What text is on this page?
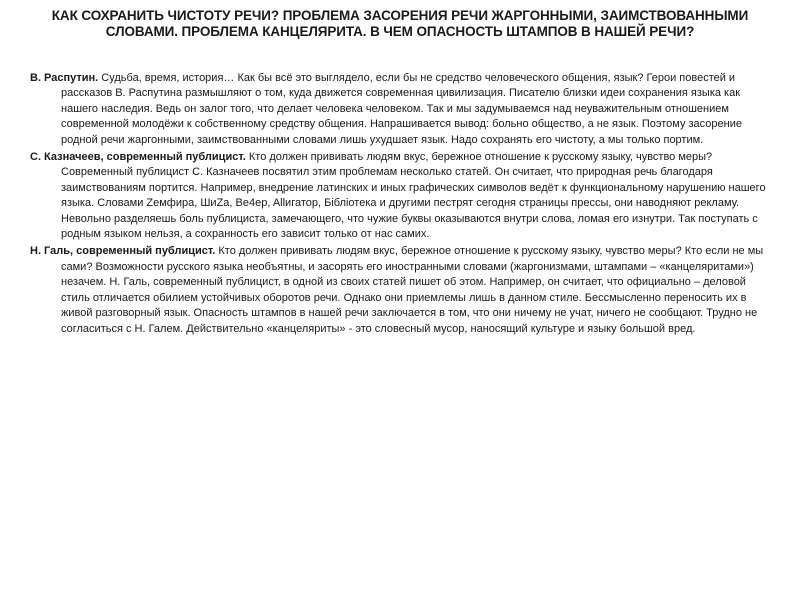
КАК СОХРАНИТЬ ЧИСТОТУ РЕЧИ? ПРОБЛЕМА ЗАСОРЕНИЯ РЕЧИ ЖАРГОННЫМИ, ЗАИМСТВОВАННЫМИ СЛОВАМИ. ПРОБЛЕМА КАНЦЕЛЯРИТА. В ЧЕМ ОПАСНОСТЬ ШТАМПОВ В НАШЕЙ РЕЧИ?

В. Распутин. Судьба, время, история… Как бы всё это выглядело, если бы не средство человеческого общения, язык? Герои повестей и рассказов В. Распутина размышляют о том, куда движется современная цивилизация. Писателю близки идеи сохранения языка как нашего наследия. Ведь он залог того, что делает человека человеком. Так и мы задумываемся над неуважительным отношением современной молодёжи к собственному средству общения. Напрашивается вывод: больно общество, а не язык. Поэтому засорение родной речи жаргонными, заимствованными словами лишь ухудшает язык. Надо сохранять его чистоту, а мы только портим.

С. Казначеев, современный публицист. Кто должен прививать людям вкус, бережное отношение к русскому языку, чувство меры? Современный публицист С. Казначеев посвятил этим проблемам несколько статей. Он считает, что природная речь благодаря заимствованиям портится. Например, внедрение латинских и иных графических символов ведёт к функциональному нарушению нашего языка. Словами Zемфира, ШиZа, Be4ep, Allигатор, Бiблiотека и другими пестрят сегодня страницы прессы, они наводняют рекламу. Невольно разделяешь боль публициста, замечающего, что чужие буквы оказываются внутри слова, ломая его изнутри. Так поступать с родным языком нельзя, а сохранность его зависит только от нас самих.

Н. Галь, современный публицист. Кто должен прививать людям вкус, бережное отношение к русскому языку, чувство меры? Кто если не мы сами? Возможности русского языка необъятны, и засорять его иностранными словами (жаргонизмами, штампами – «канцеляритами») незачем. Н. Галь, современный публицист, в одной из своих статей пишет об этом. Например, он считает, что официально – деловой стиль отличается обилием устойчивых оборотов речи. Однако они приемлемы лишь в данном стиле. Бессмысленно переносить их в живой разговорный язык. Опасность штампов в нашей речи заключается в том, что они ничему не учат, ничего не сообщают. Трудно не согласиться с Н. Галем. Действительно «канцеляриты» - это словесный мусор, наносящий культуре и языку большой вред.
